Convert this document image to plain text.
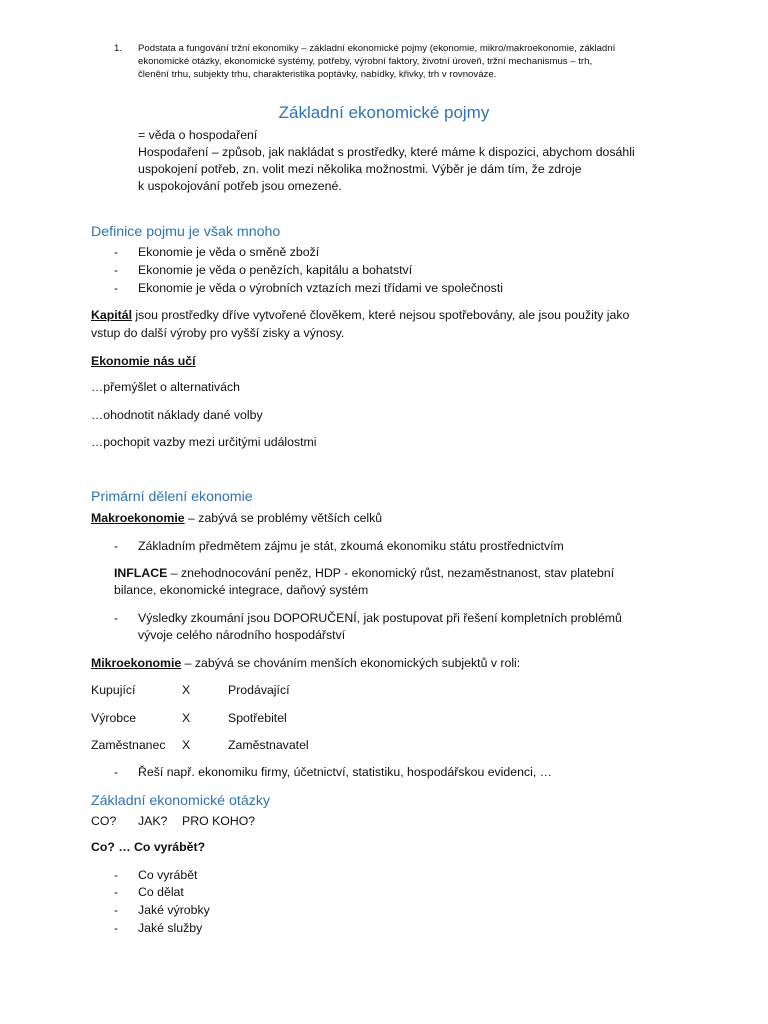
1. Podstata a fungování tržní ekonomiky – základní ekonomické pojmy (ekonomie, mikro/makroekonomie, základní
ekonomické otázky, ekonomické systémy, potřeby, výrobní faktory, životní úroveň, tržní mechanismus – trh,
členění trhu, subjekty trhu, charakteristika poptávky, nabídky, křivky, trh v rovnováze.
Základní ekonomické pojmy
= věda o hospodaření
Hospodaření – způsob, jak nakládat s prostředky, které máme k dispozici, abychom dosáhli
uspokojení potřeb, zn. volit mezi několika možnostmi. Výběr je dám tím, že zdroje
k uspokojování potřeb jsou omezené.
Definice pojmu je však mnoho
- Ekonomie je věda o směně zboží
- Ekonomie je věda o penězích, kapitálu a bohatství
- Ekonomie je věda o výrobních vztazích mezi třídami ve společnosti
Kapitál jsou prostředky dříve vytvořené člověkem, které nejsou spotřebovány, ale jsou použity jako
vstup do další výroby pro vyšší zisky a výnosy.
Ekonomie nás učí
…přemýšlet o alternativách
…ohodnotit náklady dané volby
…pochopit vazby mezi určitými událostmi
Primární dělení ekonomie
Makroekonomie – zabývá se problémy větších celků
- Základním předmětem zájmu je stát, zkoumá ekonomiku státu prostřednictvím
INFLACE – znehodnocování peněz, HDP - ekonomický růst, nezaměstnanost, stav platební
bilance, ekonomické integrace, daňový systém
- Výsledky zkoumání jsou DOPORUČENÍ, jak postupovat při řešení kompletních problémů
vývoje celého národního hospodářství
Mikroekonomie – zabývá se chováním menších ekonomických subjektů v roli:
Kupující	X	Prodávající
Výrobce	X	Spotřebitel
Zaměstnanec X	Zaměstnavatel
- Řeší např. ekonomiku firmy, účetnictví, statistiku, hospodářskou evidenci, …
Základní ekonomické otázky
CO? JAK? PRO KOHO?
Co? … Co vyrábět?
- Co vyrábět
- Co dělat
- Jaké výrobky
- Jaké služby
